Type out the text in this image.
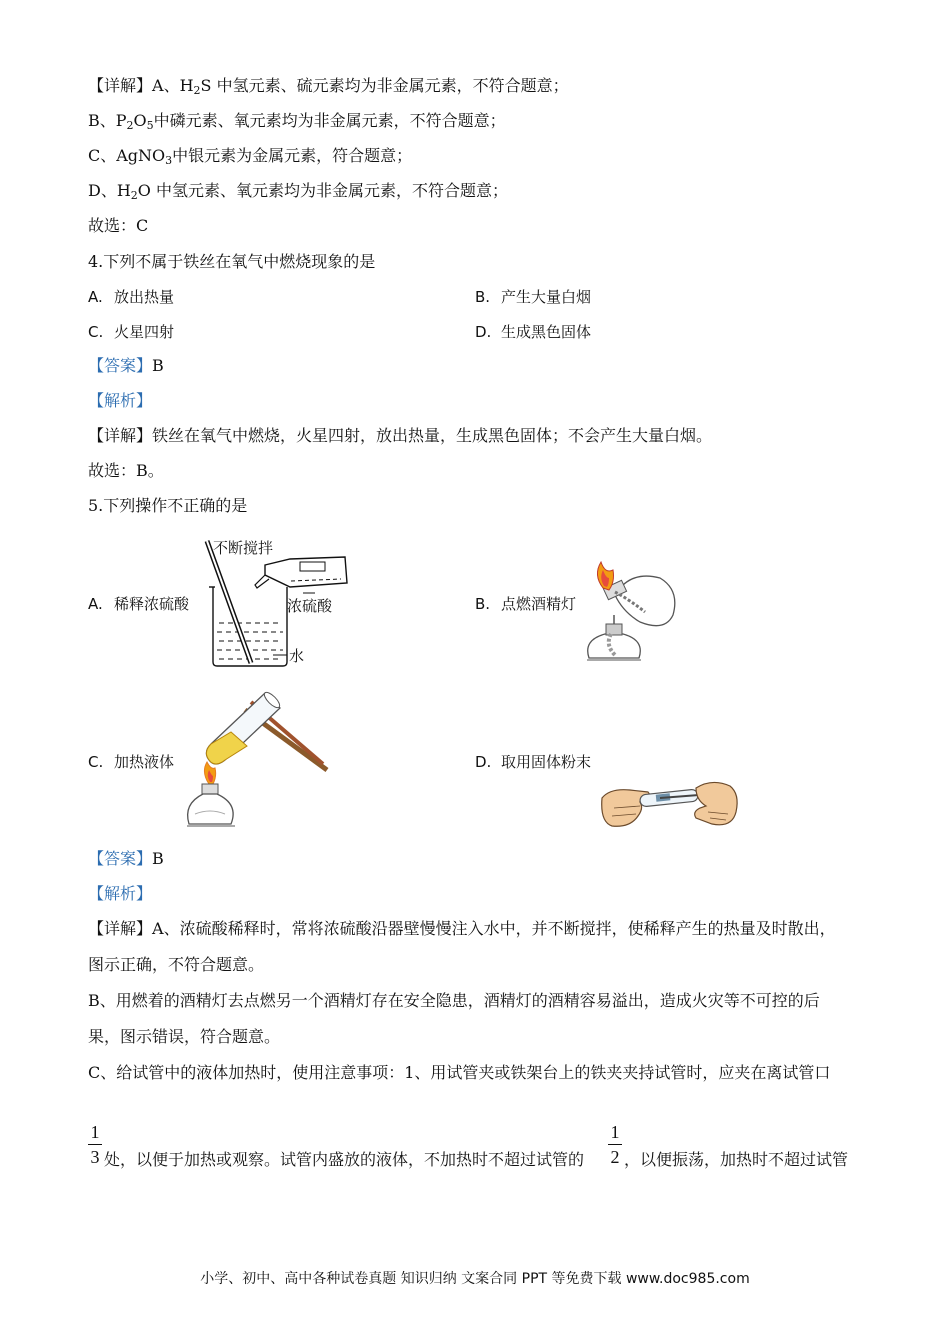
【详解】A、$H_2S$ 中氢元素、硫元素均为非金属元素，不符合题意；
B、$P_2O_5$中磷元素、氧元素均为非金属元素，不符合题意；
C、AgNO$_3$中银元素为金属元素，符合题意；
D、$H_2O$ 中氢元素、氧元素均为非金属元素，不符合题意；
故选：C
4.下列不属于铁丝在氧气中燃烧现象的是
A. 放出热量	B. 产生大量白烟
C. 火星四射	D. 生成黑色固体
【答案】B
【解析】
【详解】铁丝在氧气中燃烧，火星四射，放出热量，生成黑色固体；不会产生大量白烟。
故选：B。
5.下列操作不正确的是
A. 稀释浓硫酸	B. 点燃酒精灯
C. 加热液体	D. 取用固体粉末
不断搅拌
浓硫酸
水
【答案】B
【解析】
【详解】A、浓硫酸稀释时，常将浓硫酸沿器壁慢慢注入水中，并不断搅拌，使稀释产生的热量及时散出，
图示正确，不符合题意。
B、用燃着的酒精灯去点燃另一个酒精灯存在安全隐患，酒精灯的酒精容易溢出，造成火灾等不可控的后
果，图示错误，符合题意。
C、给试管中的液体加热时，使用注意事项：1、用试管夹或铁架台上的铁夹夹持试管时，应夹在离试管口
1
3 处，以便于加热或观察。试管内盛放的液体，不加热时不超过试管的
1
2 ，以便振荡，加热时不超过试管
小学、初中、高中各种试卷真题 知识归纳 文案合同 PPT 等免费下载 www.doc985.com
